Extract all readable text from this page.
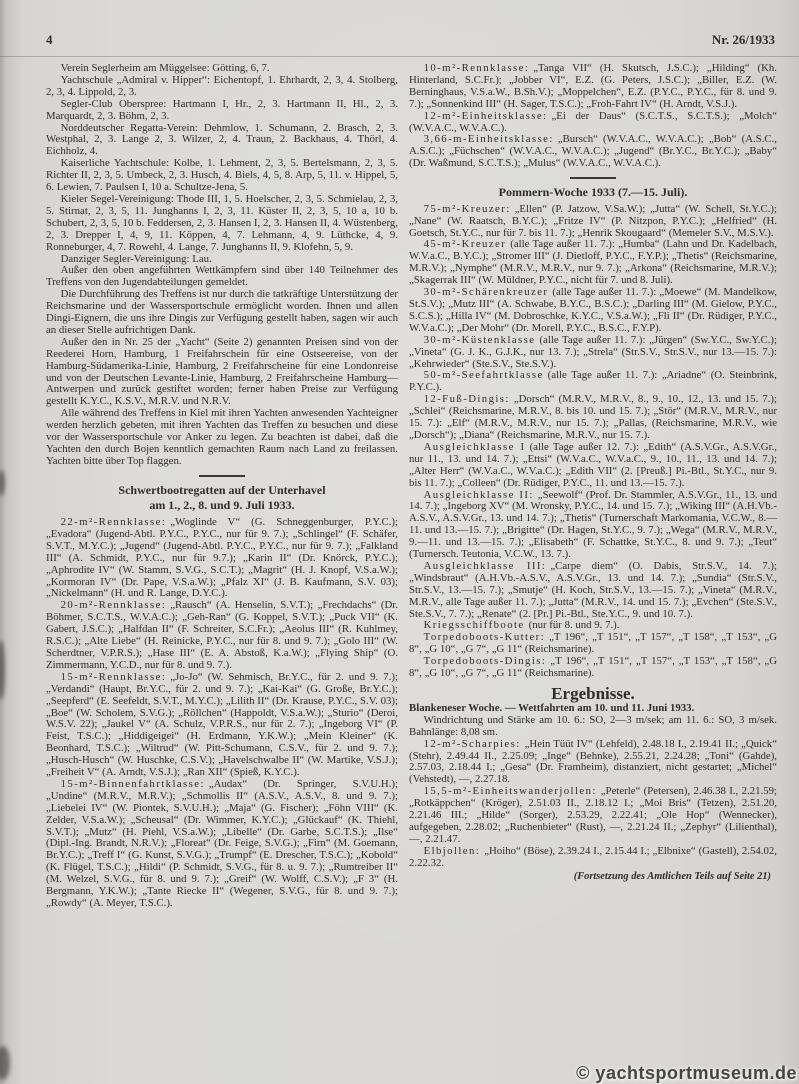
4	Nr. 26/1933

Verein Seglerheim am Müggelsee: Götting, 6, 7.

Yachtschule „Admiral v. Hipper“: Eichentopf, 1. Ehrhardt, 2, 3, 4. Stolberg, 2, 3, 4. Lippold, 2, 3.

Segler-Club Oberspree: Hartmann I, Hr., 2, 3. Hartmann II, Hl., 2, 3. Marquardt, 2, 3. Böhm, 2, 3.

Norddeutscher Regatta-Verein: Dehmlow, 1. Schumann, 2. Brasch, 2, 3. Westphal, 2, 3. Lange 2, 3. Wilzer, 2, 4. Traun, 2. Backhaus, 4. Thörl, 4. Eichholz, 4.

Kaiserliche Yachtschule: Kolbe, 1. Lehment, 2, 3, 5. Bertelsmann, 2, 3, 5. Richter II, 2, 3, 5. Umbeck, 2, 3. Husch, 4. Biels, 4, 5, 8. Arp, 5, 11. v. Hippel, 5, 6. Lewien, 7. Paulsen I, 10 a. Schultze-Jena, 5.

Kieler Segel-Vereinigung: Thode III, 1, 5. Hoelscher, 2, 3, 5. Schmielau, 2, 3, 5. Stirnat, 2, 3, 5, 11. Junghanns I, 2, 3, 11. Küster II, 2, 3, 5, 10 a, 10 b. Schubert, 2, 3, 5, 10 b. Feddersen, 2, 3. Hansen I, 2, 3. Hansen II, 4. Wüstenberg, 2, 3. Drepper I, 4, 9, 11. Köppen, 4, 7. Lehmann, 4, 9. Lüthcke, 4, 9. Ronneburger, 4, 7. Rowehl, 4. Lange, 7. Junghanns II, 9. Klofehn, 5, 9.

Danziger Segler-Vereinigung: Lau.

Außer den oben angeführten Wettkämpfern sind über 140 Teilnehmer des Treffens von den Jugendabteilungen gemeldet.

Die Durchführung des Treffens ist nur durch die tatkräftige Unterstützung der Reichsmarine und der Wassersportschule ermöglicht worden. Ihnen und allen Dingi-Eignern, die uns ihre Dingis zur Verfügung gestellt haben, sagen wir auch an dieser Stelle aufrichtigen Dank.

Außer den in Nr. 25 der „Yacht“ (Seite 2) genannten Preisen sind von der Reederei Horn, Hamburg, 1 Freifahrschein für eine Ostseereise, von der Hamburg-Südamerika-Linie, Hamburg, 2 Freifahrscheine für eine Londonreise und von der Deutschen Levante-Linie, Hamburg, 2 Freifahrscheine Hamburg—Antwerpen und zurück gestiftet worden; ferner haben Preise zur Verfügung gestellt K.Y.C., K.S.V., M.R.V. und N.R.V.

Alle während des Treffens in Kiel mit ihren Yachten anwesenden Yachteigner werden herzlich gebeten, mit ihren Yachten das Treffen zu besuchen und diese vor der Wassersportschule vor Anker zu legen. Zu beachten ist dabei, daß die Yachten den durch Bojen kenntlich gemachten Raum nach Land zu freilassen. Yachten bitte über Top flaggen.

Schwertbootregatten auf der Unterhavel
am 1., 2., 8. und 9. Juli 1933.

22-m²-Rennklasse: „Woglinde V“ (G. Schneggenburger, P.Y.C.); „Evadora“ (Jugend-Abtl. P.Y.C., P.Y.C., nur für 9. 7.); „Schlingel“ (F. Schäfer, S.V.T., M.Y.C.); „Jugend“ (Jugend-Abtl. P.Y.C., P.Y.C., nur für 9. 7.); „Falkland III“ (A. Schmidt, P.Y.C., nur für 9.7.); „Karin II“ (Dr. Knörck, P.Y.C.); „Aphrodite IV“ (W. Stamm, S.V.G., S.C.T.); „Magrit“ (H. J. Knopf, V.S.a.W.); „Kormoran IV“ (Dr. Pape, V.S.a.W.); „Pfalz XI“ (J. B. Kaufmann, S.V. 03); „Nickelmann“ (H. und R. Lange, D.Y.C.).

20-m²-Rennklasse: „Rausch“ (A. Henselin, S.V.T.); „Frechdachs“ (Dr. Böhmer, S.C.T.S., W.V.A.C.); „Geh-Ran“ (G. Koppel, S.V.T.); „Puck VII“ (K. Gabert, J.S.C.); „Halfdan II“ (F. Schreiter, S.C.Fr.); „Aeolus III“ (R. Kuhlmey, R.S.C.); „Alte Liebe“ (H. Reinicke, P.Y.C., nur für 8. und 9. 7.); „Golo III“ (W. Scherdtner, V.P.R.S.); „Hase III“ (E. A. Abstoß, K.a.W.); „Flying Ship“ (O. Zimmermann, Y.C.D., nur für 8. und 9. 7.).

15-m²-Rennklasse: „Jo-Jo“ (W. Sehmisch, Br.Y.C., für 2. und 9. 7.); „Verdandi“ (Haupt, Br.Y.C., für 2. und 9. 7.); „Kai-Kai“ (G. Große, Br.Y.C.); „Seepferd“ (E. Seefeldt, S.V.T., M.Y.C.); „Lilith II“ (Dr. Krause, P.Y.C., S.V. 03); „Boe“ (W. Scholem, S.V.G.); „Röllchen“ (Happoldt, V.S.a.W.); „Sturio“ (Deroi, W.S.V. 22); „Jaukel V“ (A. Schulz, V.P.R.S., nur für 2. 7.); „Ingeborg VI“ (P. Feist, T.S.C.); „Hiddigeigei“ (H. Erdmann, Y.K.W.); „Mein Kleiner“ (K. Beonhard, T.S.C.); „Wiltrud“ (W. Pitt-Schumann, C.S.V., für 2. und 9. 7.); „Husch-Husch“ (W. Huschke, C.S.V.); „Havelschwalbe II“ (W. Martike, V.S.J.); „Freiheit V“ (A. Arndt, V.S.J.); „Ran XII“ (Spieß, K.Y.C.).

15-m²-Binnenfahrtklasse: „Audax“ (Dr. Springer, S.V.U.H.); „Undine“ (M.R.V., M.R.V.); „Schmollis II“ (A.S.V., A.S.V., 8. und 9. 7.); „Liebelei IV“ (W. Piontek, S.V.U.H.); „Maja“ (G. Fischer); „Föhn VIII“ (K. Zelder, V.S.a.W.); „Scheusal“ (Dr. Wimmer, K.Y.C.); „Glückauf“ (K. Thiehl, S.V.T.); „Mutz“ (H. Piehl, V.S.a.W.); „Libelle“ (Dr. Garbe, S.C.T.S.); „Ilse“ (Dipl.-Ing. Brandt, N.R.V.); „Floreat“ (Dr. Feige, S.V.G.); „Firn“ (M. Goemann, Br.Y.C.); „Treff I“ (G. Kunst, S.V.G.); „Trumpf“ (E. Drescher, T.S.C.); „Kobold“ (K. Flügel, T.S.C.); „Hildi“ (P. Schmidt, S.V.G., für 8. u. 9. 7.); „Rumtreiber II“ (M. Welzel, S.V.G., für 8. und 9. 7.); „Greif“ (W. Wolff, C.S.V.); „F 3“ (H. Bergmann, Y.K.W.); „Tante Riecke II“ (Wegener, S.V.G., für 8. und 9. 7.); „Rowdy“ (A. Meyer, T.S.C.).

10-m²-Rennklasse: „Tanga VII“ (H. Skutsch, J.S.C.); „Hilding“ (Kh. Hinterland, S.C.Fr.); „Jobber VI“, E.Z. (G. Peters, J.S.C.); „Biller, E.Z. (W. Berninghaus, V.S.a.W., B.Sh.V.); „Moppelchen“, E.Z. (P.Y.C., P.Y.C., für 8. und 9. 7.); „Sonnenkind III“ (H. Sager, T.S.C.); „Froh-Fahrt IV“ (H. Arndt, V.S.J.).

12-m²-Einheitsklasse: „Ei der Daus“ (S.C.T.S., S.C.T.S.); „Molch“ (W.V.A.C., W.V.A.C.).

3,66-m-Einheitsklasse: „Bursch“ (W.V.A.C., W.V.A.C.); „Bob“ (A.S.C., A.S.C.); „Füchschen“ (W.V.A.C., W.V.A.C.); „Jugend“ (Br.Y.C., Br.Y.C.); „Baby“ (Dr. Waßmund, S.C.T.S.); „Mulus“ (W.V.A.C., W.V.A.C.).

Pommern-Woche 1933 (7.—15. Juli).

75-m²-Kreuzer: „Ellen“ (P. Jatzow, V.Sa.W.); „Jutta“ (W. Schell, St.Y.C.); „Nane“ (W. Raatsch, B.Y.C.); „Fritze IV“ (P. Nitzpon, P.Y.C.); „Helfried“ (H. Goetsch, St.Y.C., nur für 7. bis 11. 7.); „Henrik Skougaard“ (Memeler S.V., M.S.V.).

45-m²-Kreuzer (alle Tage außer 11. 7.): „Humba“ (Lahn und Dr. Kadelbach, W.V.a.C., B.Y.C.); „Stromer III“ (J. Dietloff, P.Y.C., F.Y.P.); „Thetis“ (Reichsmarine, M.R.V.); „Nymphe“ (M.R.V., M.R.V., nur 9. 7.); „Arkona“ (Reichsmarine, M.R.V.); „Skagerrak III“ (W. Müldner, P.Y.C., nicht für 7. und 8. Juli).

30-m²-Schärenkreuzer (alle Tage außer 11. 7.): „Moewe“ (M. Mandelkow, St.S.V.); „Mutz III“ (A. Schwabe, B.Y.C., B.S.C.); „Darling III“ (M. Gielow, P.Y.C., S.C.S.); „Hilla IV“ (M. Dobroschke, K.Y.C., V.S.a.W.); „Fli II“ (Dr. Rüdiger, P.Y.C., W.V.a.C.); „Der Mohr“ (Dr. Morell, P.Y.C., B.S.C., F.Y.P).

30-m²-Küstenklasse (alle Tage außer 11. 7.): „Jürgen“ (Sw.Y.C., Sw.Y.C.); „Vineta“ (G. J. K., G.J.K., nur 13. 7.); „Strela“ (Str.S.V., Str.S.V., nur 13.—15. 7.): „Kehrwieder“ (Ste.S.V., Ste.S.V.).

50-m²-Seefahrtklasse (alle Tage außer 11. 7.): „Ariadne“ (O. Steinbrink, P.Y.C.).

12-Fuß-Dingis: „Dorsch“ (M.R.V., M.R.V., 8., 9., 10., 12., 13. und 15. 7.); „Schlei“ (Reichsmarine, M.R.V., 8. bis 10. und 15. 7.); „Stör“ (M.R.V., M.R.V., nur 15. 7.): „Elf“ (M.R.V., M.R.V., nur 15. 7.); „Pallas, (Reichsmarine, M.R.V., wie „Dorsch“); „Diana“ (Reichsmarine, M.R.V., nur 15. 7.).

Ausgleichklasse I (alle Tage außer 12. 7.): „Edith“ (A.S.V.Gr., A.S.V.Gr., nur 11., 13. und 14. 7.); „Ettsi“ (W.V.a.C., W.V.a.C., 9., 10., 11., 13. und 14. 7.); „Alter Herr“ (W.V.a.C., W.V.a.C.); „Edith VII“ (2. [Preuß.] Pi.-Btl., St.Y.C., nur 9. bis 11. 7.); „Colleen“ (Dr. Rüdiger, P.Y.C., 11. und 13.—15. 7.).

Ausgleichklasse II: „Seewolf“ (Prof. Dr. Stammler, A.S.V.Gr., 11., 13. und 14. 7.); „Ingeborg XV“ (M. Wronsky, P.Y.C., 14. und 15. 7.); „Wiking III“ (A.H.Vb.-A.S.V., A.S.V.Gr., 13. und 14. 7.); „Thetis“ (Turnerschaft Markomania, V.C.W., 8.—11. und 13.—15. 7.); „Brigitte“ (Dr. Hagen, St.Y.C., 9. 7.); „Wega“ (M.R.V., M.R.V., 9.—11. und 13.—15. 7.); „Elisabeth“ (F. Schattke, St.Y.C., 8. und 9. 7.); „Teut“ (Turnersch. Teutonia, V.C.W., 13. 7.).

Ausgleichklasse III: „Carpe diem“ (O. Dabis, Str.S.V., 14. 7.); „Windsbraut“ (A.H.Vb.-A.S.V., A.S.V.Gr., 13. und 14. 7.); „Sundia“ (Str.S.V., Str.S.V., 13.—15. 7.); „Smutje“ (H. Koch, Str.S.V., 13.—15. 7.); „Vineta“ (M.R.V., M.R.V., alle Tage außer 11. 7.); „Jutta“ (M.R.V., 14. und 15. 7.); „Evchen“ (Ste.S.V., Ste.S.V., 7. 7.); „Renate“ (2. [Pr.] Pi.-Btl., Ste.Y.C., 9. und 10. 7.).

Kriegsschiffboote (nur für 8. und 9. 7.).

Torpedoboots-Kutter: „T 196“, „T 151“, „T 157“, „T 158“, „T 153“, „G 8“, „G 10“, „G 7“, „G 11“ (Reichsmarine).

Torpedoboots-Dingis: „T 196“, „T 151“, „T 157“, „T 153“, „T 158“, „G 8“, „G 10“, „G 7“, „G 11“ (Reichsmarine).

Ergebnisse.

Blankeneser Woche. — Wettfahrten am 10. und 11. Juni 1933.

Windrichtung und Stärke am 10. 6.: SO, 2—3 m/sek; am 11. 6.: SO, 3 m/sek. Bahnlänge: 8,08 sm.

12-m²-Scharpies: „Hein Tüüt IV“ (Lehfeld), 2.48.18 I., 2.19.41 II.; „Quick“ (Stehr), 2.49.44 II., 2.25.09; „Inge“ (Behnke), 2.55.21, 2.24.28; „Toni“ (Gahde), 2.57.03, 2.18.44 I.; „Gesa“ (Dr. Framheim), distanziert, nicht gestartet; „Michel“ (Vehstedt), —, 2.27.18.

15,5-m²-Einheitswanderjollen: „Peterle“ (Petersen), 2.46.38 I., 2.21.59; „Rotkäppchen“ (Kröger), 2.51.03 II., 2.18.12 I.; „Moi Bris“ (Tetzen), 2.51.20, 2.21.46 III.; „Hilde“ (Sorger), 2.53.29, 2.22.41; „Ole Hop“ (Wennecker), aufgegeben, 2.28.02; „Ruchenbieter“ (Rust), —, 2.21.24 II.; „Zephyr“ (Lilienthal), —, 2.21.47.

Elbjollen: „Hoiho“ (Böse), 2.39.24 I., 2.15.44 I.; „Elbnixe“ (Gastell), 2.54.02, 2.22.32.

(Fortsetzung des Amtlichen Teils auf Seite 21)

© yachtsportmuseum.de
